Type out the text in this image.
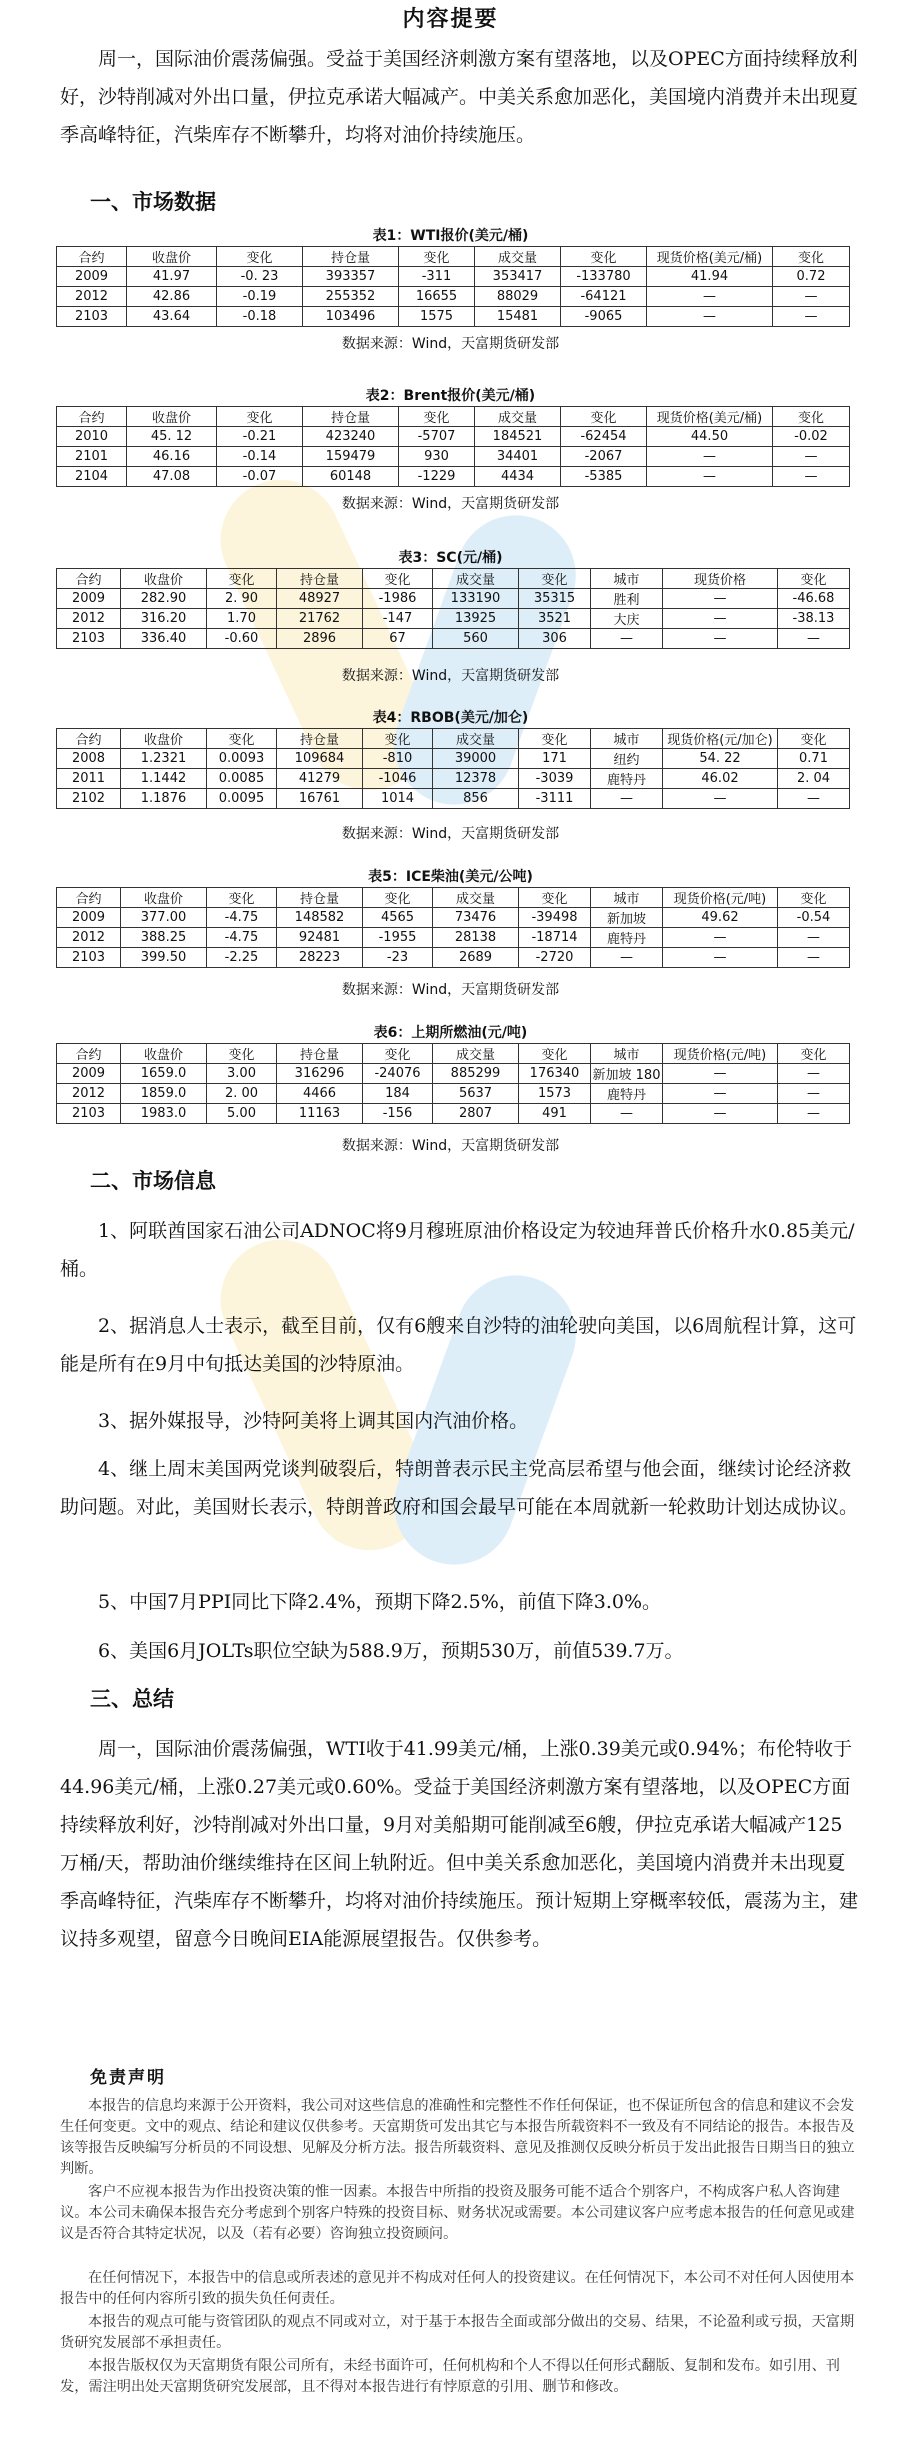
内容提要

周一，国际油价震荡偏强。受益于美国经济刺激方案有望落地，以及OPEC方面持续释放利好，沙特削减对外出口量，伊拉克承诺大幅减产。中美关系愈加恶化，美国境内消费并未出现夏季高峰特征，汽柴库存不断攀升，均将对油价持续施压。

一、市场数据
表1：WTI报价(美元/桶)
合约	收盘价	变化	持仓量	变化	成交量	变化	现货价格(美元/桶)	变化
2009	41.97	-0. 23	393357	-311	353417	-133780	41.94	0.72
2012	42.86	-0.19	255352	16655	88029	-64121	—	—
2103	43.64	-0.18	103496	1575	15481	-9065	—	—
数据来源：Wind，天富期货研发部
表2：Brent报价(美元/桶)
合约	收盘价	变化	持仓量	变化	成交量	变化	现货价格(美元/桶)	变化
2010	45. 12	-0.21	423240	-5707	184521	-62454	44.50	-0.02
2101	46.16	-0.14	159479	930	34401	-2067	—	—
2104	47.08	-0.07	60148	-1229	4434	-5385	—	—
数据来源：Wind，天富期货研发部
表3：SC(元/桶)
合约	收盘价	变化	持仓量	变化	成交量	变化	城市	现货价格	变化
2009	282.90	2. 90	48927	-1986	133190	35315	胜利	—	-46.68
2012	316.20	1.70	21762	-147	13925	3521	大庆	—	-38.13
2103	336.40	-0.60	2896	67	560	306	—	—	—
数据来源：Wind，天富期货研发部
表4：RBOB(美元/加仑)
合约	收盘价	变化	持仓量	变化	成交量	变化	城市	现货价格(元/加仑)	变化
2008	1.2321	0.0093	109684	-810	39000	171	纽约	54. 22	0.71
2011	1.1442	0.0085	41279	-1046	12378	-3039	鹿特丹	46.02	2. 04
2102	1.1876	0.0095	16761	1014	856	-3111	—	—	—
数据来源：Wind，天富期货研发部
表5：ICE柴油(美元/公吨)
合约	收盘价	变化	持仓量	变化	成交量	变化	城市	现货价格(元/吨)	变化
2009	377.00	-4.75	148582	4565	73476	-39498	新加坡	49.62	-0.54
2012	388.25	-4.75	92481	-1955	28138	-18714	鹿特丹	—	—
2103	399.50	-2.25	28223	-23	2689	-2720	—	—	—
数据来源：Wind，天富期货研发部
表6：上期所燃油(元/吨)
合约	收盘价	变化	持仓量	变化	成交量	变化	城市	现货价格(元/吨)	变化
2009	1659.0	3.00	316296	-24076	885299	176340	新加坡 180	—	—
2012	1859.0	2. 00	4466	184	5637	1573	鹿特丹	—	—
2103	1983.0	5.00	11163	-156	2807	491	—	—	—
数据来源：Wind，天富期货研发部
二、市场信息

1、阿联酋国家石油公司ADNOC将9月穆班原油价格设定为较迪拜普氏价格升水0.85美元/桶。

2、据消息人士表示，截至目前，仅有6艘来自沙特的油轮驶向美国，以6周航程计算，这可能是所有在9月中旬抵达美国的沙特原油。

3、据外媒报导，沙特阿美将上调其国内汽油价格。

4、继上周末美国两党谈判破裂后，特朗普表示民主党高层希望与他会面，继续讨论经济救助问题。对此，美国财长表示，特朗普政府和国会最早可能在本周就新一轮救助计划达成协议。

5、中国7月PPI同比下降2.4%，预期下降2.5%，前值下降3.0%。

6、美国6月JOLTs职位空缺为588.9万，预期530万，前值539.7万。

三、总结

周一，国际油价震荡偏强，WTI收于41.99美元/桶，上涨0.39美元或0.94%；布伦特收于44.96美元/桶，上涨0.27美元或0.60%。受益于美国经济刺激方案有望落地，以及OPEC方面持续释放利好，沙特削减对外出口量，9月对美船期可能削减至6艘，伊拉克承诺大幅减产125万桶/天，帮助油价继续维持在区间上轨附近。但中美关系愈加恶化，美国境内消费并未出现夏季高峰特征，汽柴库存不断攀升，均将对油价持续施压。预计短期上穿概率较低，震荡为主，建议持多观望，留意今日晚间EIA能源展望报告。仅供参考。

免责声明

本报告的信息均来源于公开资料，我公司对这些信息的准确性和完整性不作任何保证，也不保证所包含的信息和建议不会发生任何变更。文中的观点、结论和建议仅供参考。天富期货可发出其它与本报告所载资料不一致及有不同结论的报告。本报告及该等报告反映编写分析员的不同设想、见解及分析方法。报告所载资料、意见及推测仅反映分析员于发出此报告日期当日的独立判断。

客户不应视本报告为作出投资决策的惟一因素。本报告中所指的投资及服务可能不适合个别客户，不构成客户私人咨询建议。本公司未确保本报告充分考虑到个别客户特殊的投资目标、财务状况或需要。本公司建议客户应考虑本报告的任何意见或建议是否符合其特定状况，以及（若有必要）咨询独立投资顾问。

在任何情况下，本报告中的信息或所表述的意见并不构成对任何人的投资建议。在任何情况下，本公司不对任何人因使用本报告中的任何内容所引致的损失负任何责任。

本报告的观点可能与资管团队的观点不同或对立，对于基于本报告全面或部分做出的交易、结果，不论盈利或亏损，天富期货研究发展部不承担责任。

本报告版权仅为天富期货有限公司所有，未经书面许可，任何机构和个人不得以任何形式翻版、复制和发布。如引用、刊发，需注明出处天富期货研究发展部，且不得对本报告进行有悖原意的引用、删节和修改。
